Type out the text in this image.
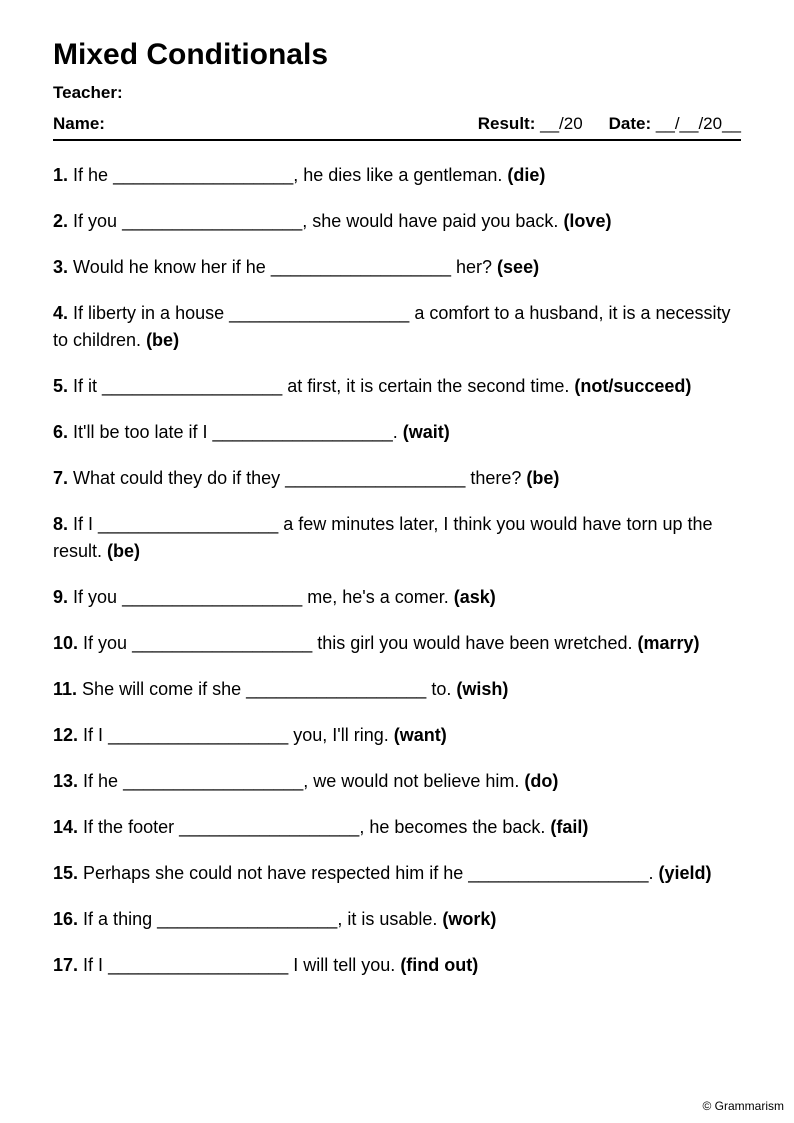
Mixed Conditionals
Teacher:
Name:	Result: __/20 Date: __/__/20__
1. If he __________________, he dies like a gentleman. (die)
2. If you __________________, she would have paid you back. (love)
3. Would he know her if he __________________ her? (see)
4. If liberty in a house __________________ a comfort to a husband, it is a necessity to children. (be)
5. If it __________________ at first, it is certain the second time. (not/succeed)
6. It'll be too late if I __________________. (wait)
7. What could they do if they __________________ there? (be)
8. If I __________________ a few minutes later, I think you would have torn up the result. (be)
9. If you __________________ me, he's a comer. (ask)
10. If you __________________ this girl you would have been wretched. (marry)
11. She will come if she __________________ to. (wish)
12. If I __________________ you, I'll ring. (want)
13. If he __________________, we would not believe him. (do)
14. If the footer __________________, he becomes the back. (fail)
15. Perhaps she could not have respected him if he __________________. (yield)
16. If a thing __________________, it is usable. (work)
17. If I __________________ I will tell you. (find out)
© Grammarism
